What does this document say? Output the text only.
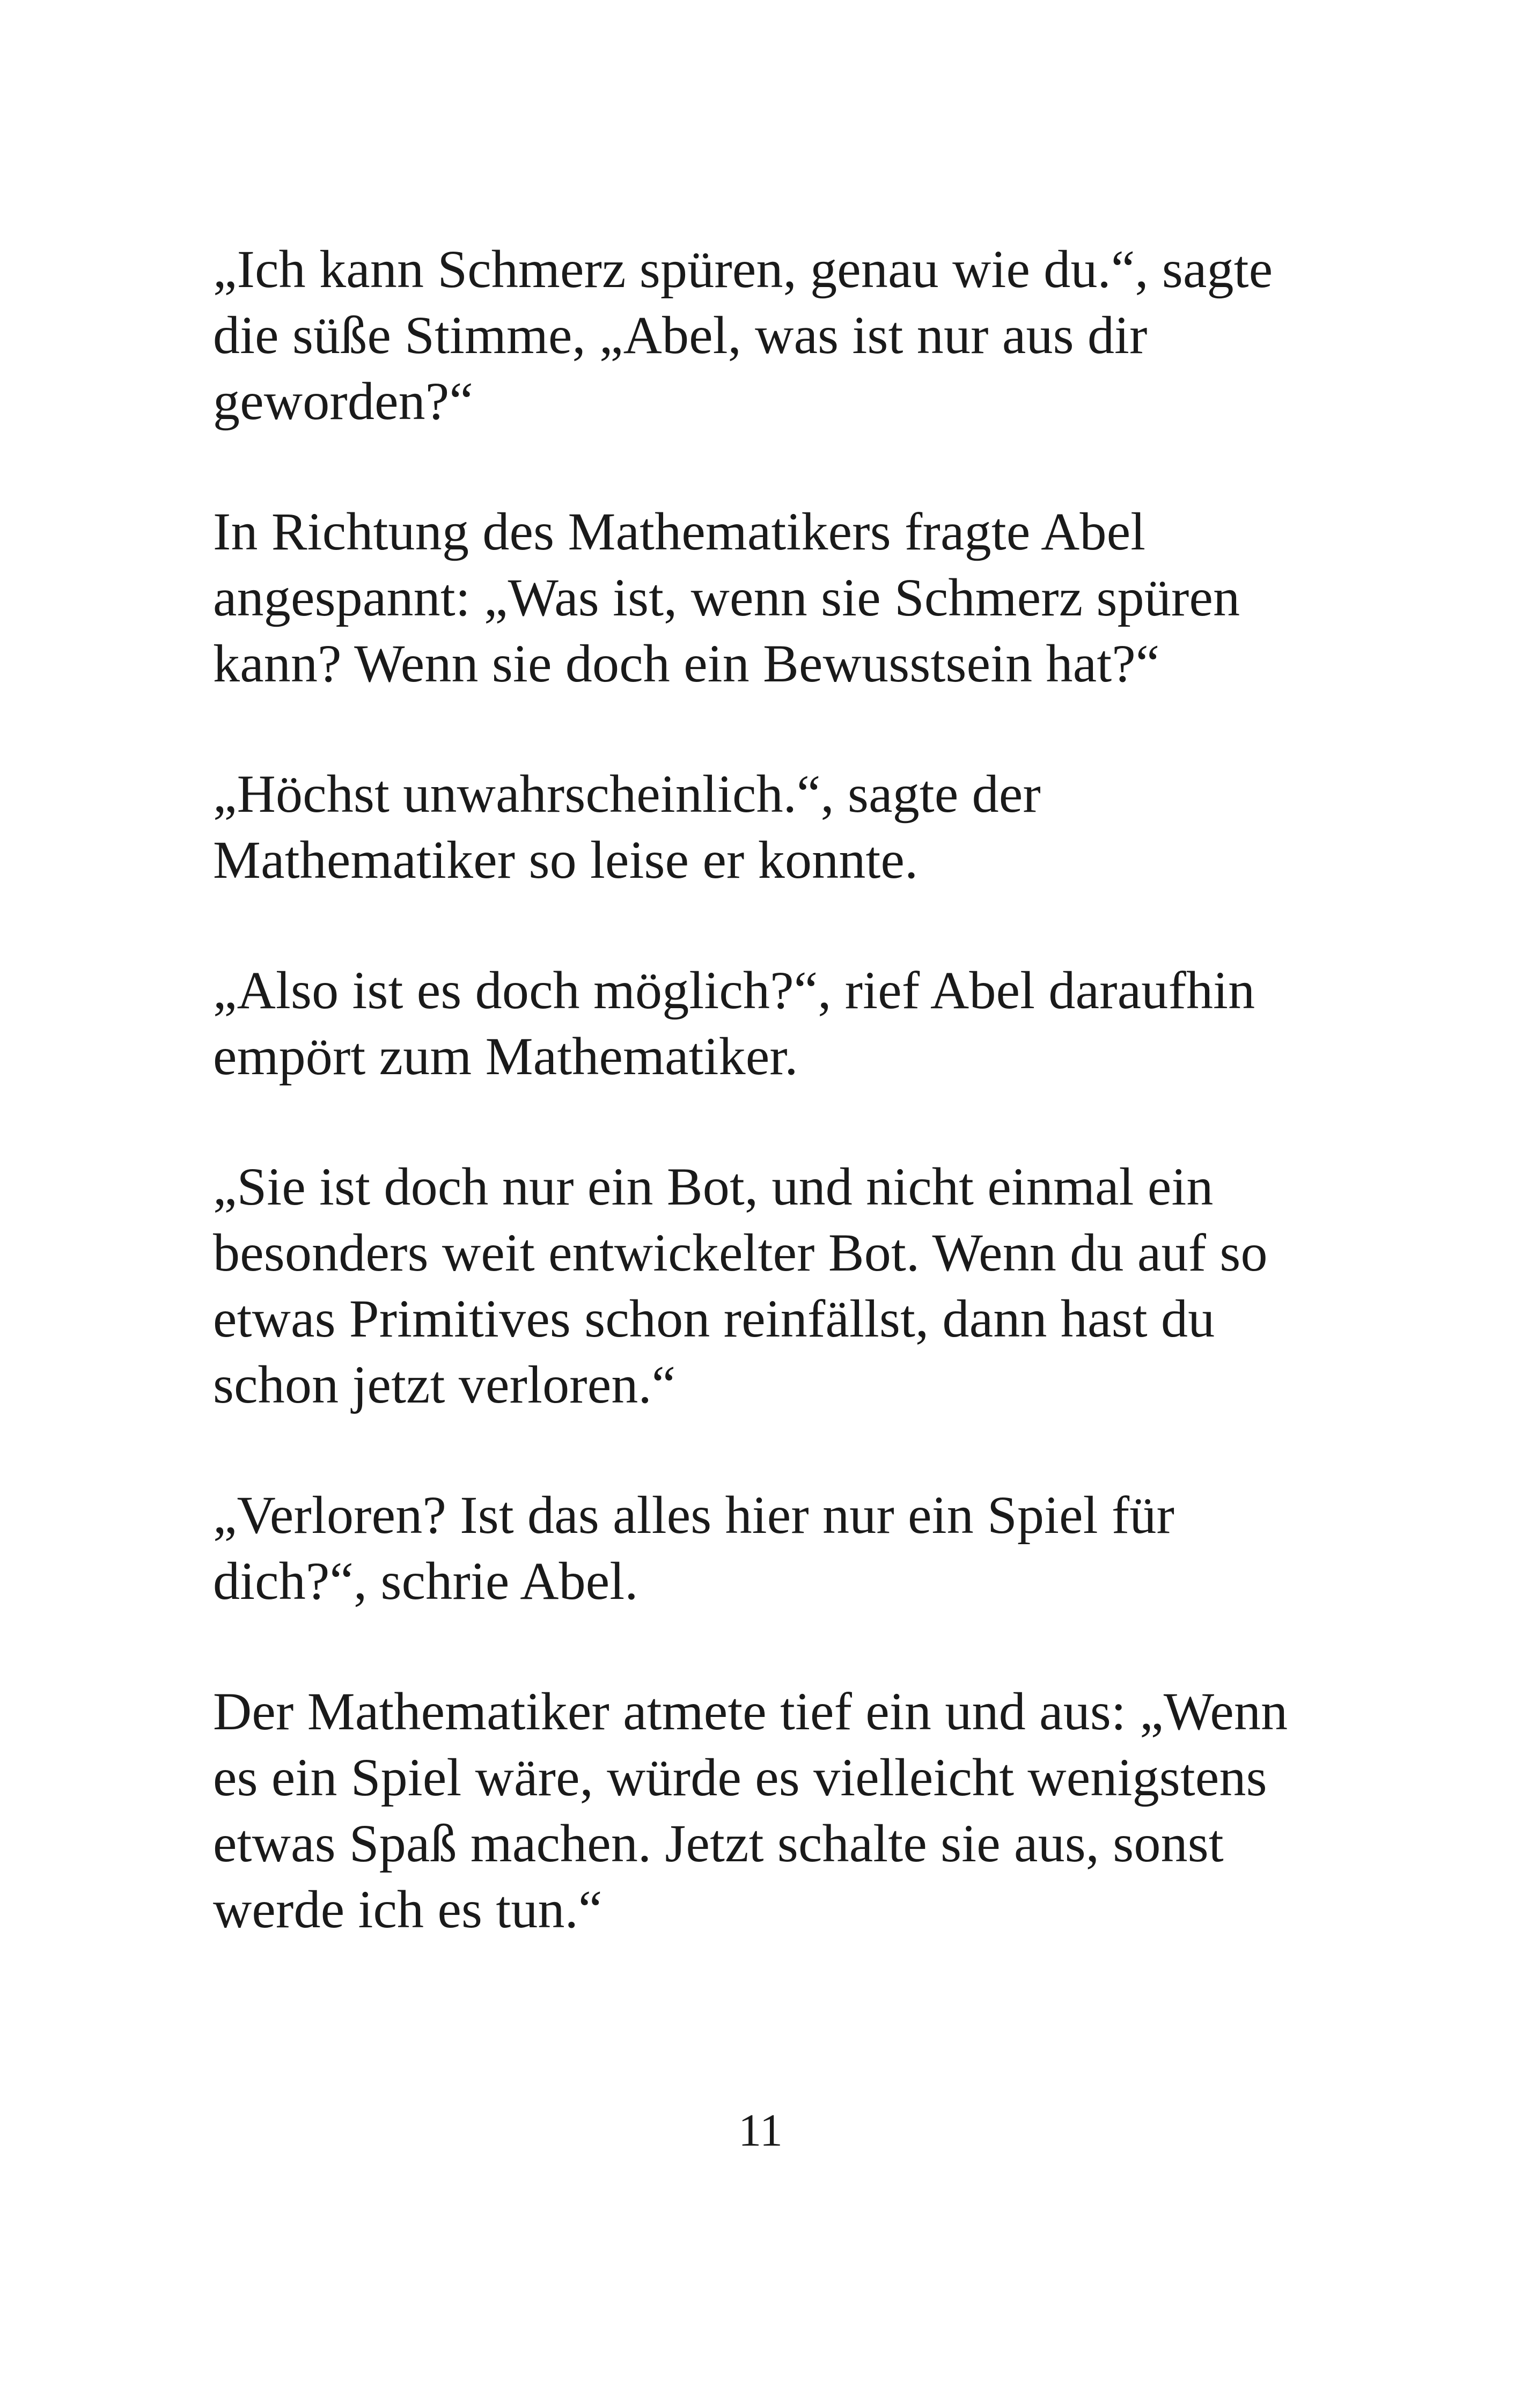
„Ich kann Schmerz spüren, genau wie du.“, sagte
die süße Stimme, „Abel, was ist nur aus dir
geworden?“

In Richtung des Mathematikers fragte Abel
angespannt: „Was ist, wenn sie Schmerz spüren
kann? Wenn sie doch ein Bewusstsein hat?“

„Höchst unwahrscheinlich.“, sagte der
Mathematiker so leise er konnte.

„Also ist es doch möglich?“, rief Abel daraufhin
empört zum Mathematiker.

„Sie ist doch nur ein Bot, und nicht einmal ein
besonders weit entwickelter Bot. Wenn du auf so
etwas Primitives schon reinfällst, dann hast du
schon jetzt verloren.“

„Verloren? Ist das alles hier nur ein Spiel für
dich?“, schrie Abel.

Der Mathematiker atmete tief ein und aus: „Wenn
es ein Spiel wäre, würde es vielleicht wenigstens
etwas Spaß machen. Jetzt schalte sie aus, sonst
werde ich es tun.“

11
